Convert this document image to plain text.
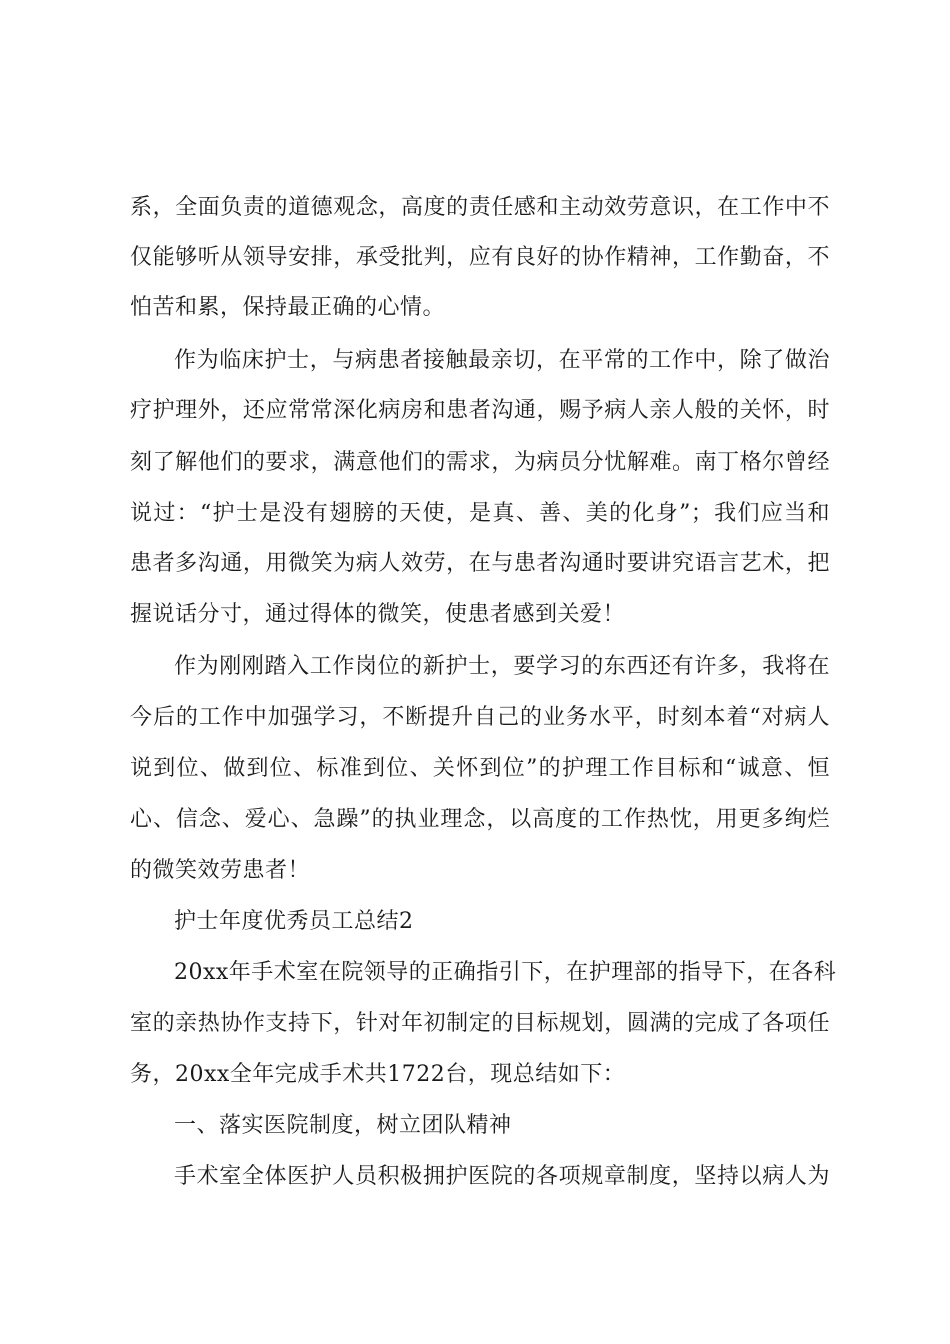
系，全面负责的道德观念，高度的责任感和主动效劳意识，在工作中不
仅能够听从领导安排，承受批判，应有良好的协作精神，工作勤奋，不
怕苦和累，保持最正确的心情。
作为临床护士，与病患者接触最亲切，在平常的工作中，除了做治
疗护理外，还应常常深化病房和患者沟通，赐予病人亲人般的关怀，时
刻了解他们的要求，满意他们的需求，为病员分忧解难。南丁格尔曾经
说过：“护士是没有翅膀的天使，是真、善、美的化身”；我们应当和
患者多沟通，用微笑为病人效劳，在与患者沟通时要讲究语言艺术，把
握说话分寸，通过得体的微笑，使患者感到关爱！
作为刚刚踏入工作岗位的新护士，要学习的东西还有许多，我将在
今后的工作中加强学习，不断提升自己的业务水平，时刻本着“对病人
说到位、做到位、标准到位、关怀到位”的护理工作目标和“诚意、恒
心、信念、爱心、急躁”的执业理念，以高度的工作热忱，用更多绚烂
的微笑效劳患者！
护士年度优秀员工总结2
20xx年手术室在院领导的正确指引下，在护理部的指导下，在各科
室的亲热协作支持下，针对年初制定的目标规划，圆满的完成了各项任
务，20xx全年完成手术共1722台，现总结如下：
一、落实医院制度，树立团队精神
手术室全体医护人员积极拥护医院的各项规章制度，坚持以病人为
